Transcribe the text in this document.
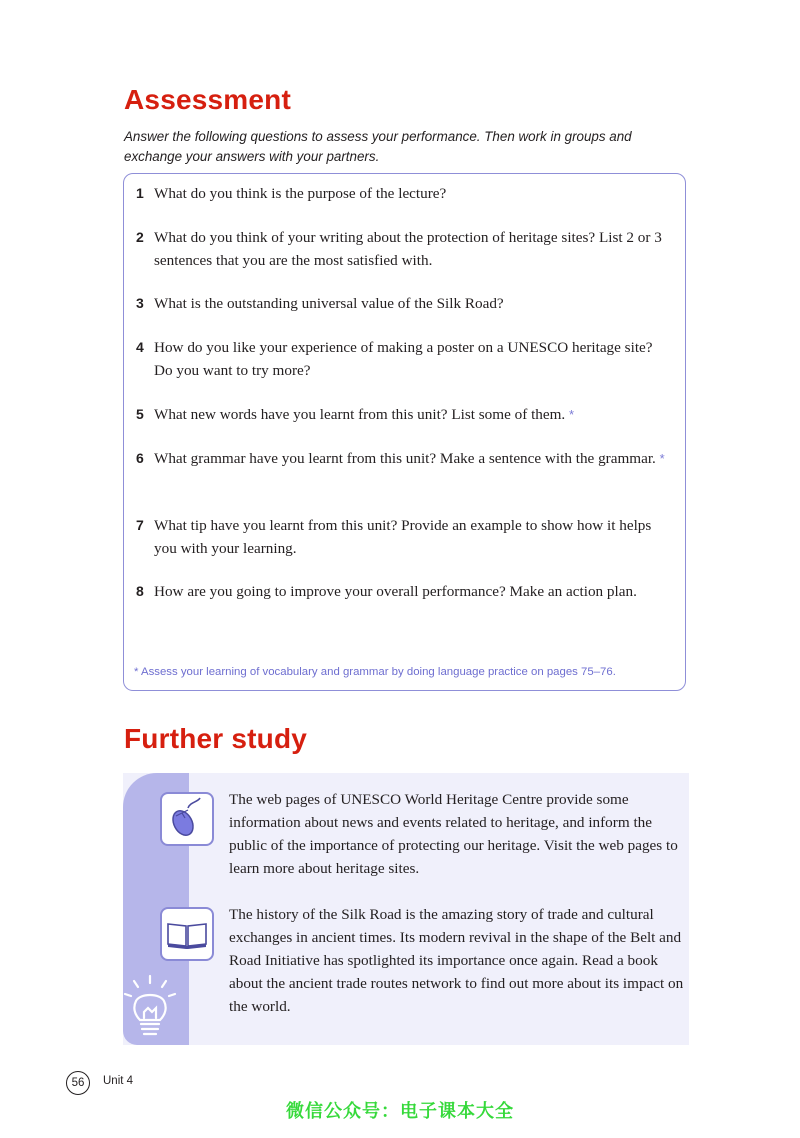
Assessment
Answer the following questions to assess your performance. Then work in groups and exchange your answers with your partners.
1 What do you think is the purpose of the lecture?
2 What do you think of your writing about the protection of heritage sites? List 2 or 3 sentences that you are the most satisfied with.
3 What is the outstanding universal value of the Silk Road?
4 How do you like your experience of making a poster on a UNESCO heritage site? Do you want to try more?
5 What new words have you learnt from this unit? List some of them. *
6 What grammar have you learnt from this unit? Make a sentence with the grammar. *
7 What tip have you learnt from this unit? Provide an example to show how it helps you with your learning.
8 How are you going to improve your overall performance? Make an action plan.
* Assess your learning of vocabulary and grammar by doing language practice on pages 75–76.
Further study
The web pages of UNESCO World Heritage Centre provide some information about news and events related to heritage, and inform the public of the importance of protecting our heritage. Visit the web pages to learn more about heritage sites.
The history of the Silk Road is the amazing story of trade and cultural exchanges in ancient times. Its modern revival in the shape of the Belt and Road Initiative has spotlighted its importance once again. Read a book about the ancient trade routes network to find out more about its impact on the world.
56	Unit 4
微信公众号：电子课本大全
